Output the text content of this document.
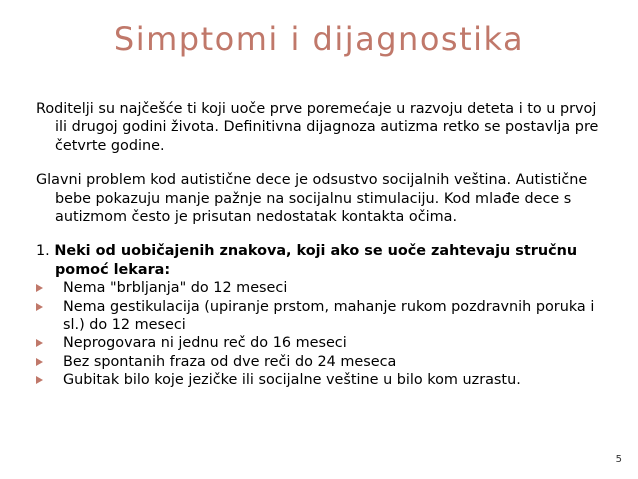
Simptomi i dijagnostika

Roditelji su najčešće ti koji uoče prve poremećaje u razvoju deteta i to u prvoj ili drugoj godini života. Definitivna dijagnoza autizma retko se postavlja pre četvrte godine.

Glavni problem kod autistične dece je odsustvo socijalnih veština. Autistične bebe pokazuju manje pažnje na socijalnu stimulaciju. Kod mlađe dece s autizmom često je prisutan nedostatak kontakta očima.

1. Neki od uobičajenih znakova, koji ako se uoče zahtevaju stručnu pomoć lekara:

Nema "brbljanja" do 12 meseci
Nema gestikulacija (upiranje prstom, mahanje rukom pozdravnih poruka i sl.) do 12 meseci
Neprogovara ni jednu reč do 16 meseci
Bez spontanih fraza od dve reči do 24 meseca
Gubitak bilo koje jezičke ili socijalne veštine u bilo kom uzrastu.
5
